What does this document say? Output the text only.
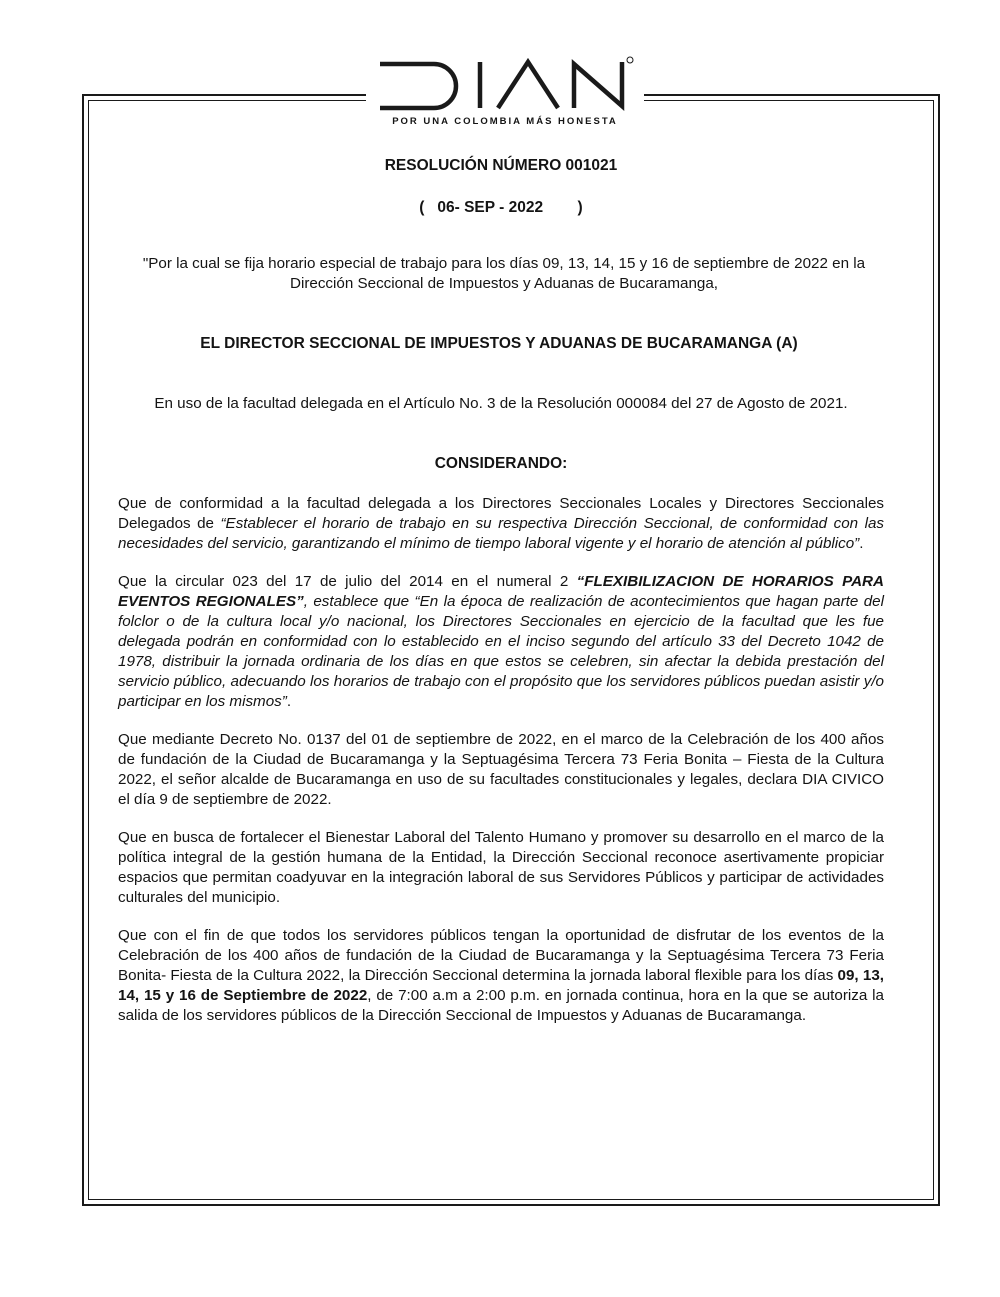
POR UNA COLOMBIA MÁS HONESTA
RESOLUCIÓN NÚMERO 001021
( 06- SEP - 2022 )
"Por la cual se fija horario especial de trabajo para los días 09, 13, 14, 15 y 16 de septiembre de 2022 en la Dirección Seccional de Impuestos y Aduanas de Bucaramanga,
EL DIRECTOR SECCIONAL DE IMPUESTOS Y ADUANAS DE BUCARAMANGA (A)
En uso de la facultad delegada en el Artículo No. 3 de la Resolución 000084 del 27 de Agosto de 2021.
CONSIDERANDO:
Que de conformidad a la facultad delegada a los Directores Seccionales Locales y Directores Seccionales Delegados de “Establecer el horario de trabajo en su respectiva Dirección Seccional, de conformidad con las necesidades del servicio, garantizando el mínimo de tiempo laboral vigente y el horario de atención al público”.
Que la circular 023 del 17 de julio del 2014 en el numeral 2 “FLEXIBILIZACION DE HORARIOS PARA EVENTOS REGIONALES”, establece que “En la época de realización de acontecimientos que hagan parte del folclor o de la cultura local y/o nacional, los Directores Seccionales en ejercicio de la facultad que les fue delegada podrán en conformidad con lo establecido en el inciso segundo del artículo 33 del Decreto 1042 de 1978, distribuir la jornada ordinaria de los días en que estos se celebren, sin afectar la debida prestación del servicio público, adecuando los horarios de trabajo con el propósito que los servidores públicos puedan asistir y/o participar en los mismos”.
Que mediante Decreto No. 0137 del 01 de septiembre de 2022, en el marco de la Celebración de los 400 años de fundación de la Ciudad de Bucaramanga y la Septuagésima Tercera 73 Feria Bonita – Fiesta de la Cultura 2022, el señor alcalde de Bucaramanga en uso de su facultades constitucionales y legales, declara DIA CIVICO el día 9 de septiembre de 2022.
Que en busca de fortalecer el Bienestar Laboral del Talento Humano y promover su desarrollo en el marco de la política integral de la gestión humana de la Entidad, la Dirección Seccional reconoce asertivamente propiciar espacios que permitan coadyuvar en la integración laboral de sus Servidores Públicos y participar de actividades culturales del municipio.
Que con el fin de que todos los servidores públicos tengan la oportunidad de disfrutar de los eventos de la Celebración de los 400 años de fundación de la Ciudad de Bucaramanga y la Septuagésima Tercera 73 Feria Bonita- Fiesta de la Cultura 2022, la Dirección Seccional determina la jornada laboral flexible para los días 09, 13, 14, 15 y 16 de Septiembre de 2022, de 7:00 a.m a 2:00 p.m. en jornada continua, hora en la que se autoriza la salida de los servidores públicos de la Dirección Seccional de Impuestos y Aduanas de Bucaramanga.
